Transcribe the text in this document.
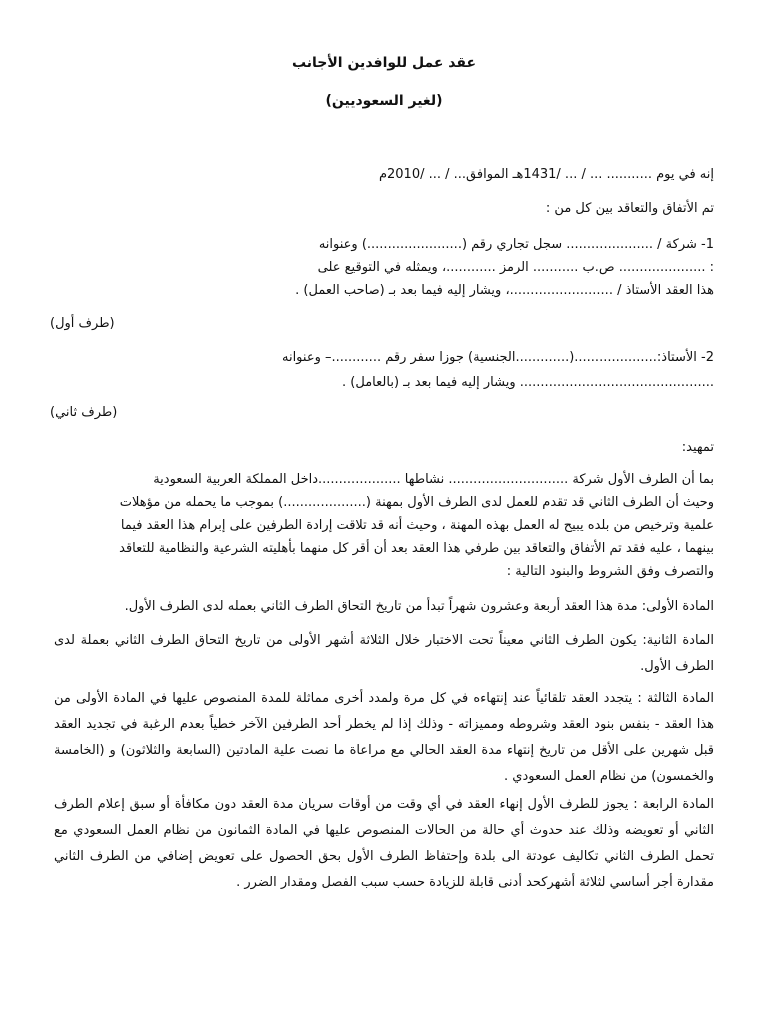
عقد عمل للوافدين الأجانب

(لغير السعوديين)

إنه في يوم ........... ... / ... /1431هـ الموافق... / ... /2010م

تم الأتفاق والتعاقد بين كل من :

1- شركة / ..................... سجل تجاري رقم (.......................) وعنوانه

: ..................... ص.ب ........... الرمز ............، ويمثله في التوقيع على

هذا العقد الأستاذ / .........................، ويشار إليه فيما بعد بـ (صاحب العمل) .

(طرف أول)

2- الأستاذ:....................(.............الجنسية) جوزا سفر رقم ............– وعنوانه

............................................... ويشار إليه فيما بعد بـ (بالعامل) .

(طرف ثاني)

تمهيد:

بما أن الطرف الأول شركة ............................. نشاطها ....................داخل المملكة العربية السعودية

وحيث أن الطرف الثاني قد تقدم للعمل لدى الطرف الأول بمهنة (....................) بموجب ما يحمله من مؤهلات

علمية وترخيص من بلده يبيح له العمل بهذه المهنة ، وحيث أنه قد تلاقت إرادة الطرفين على إبرام هذا العقد فيما

بينهما ، عليه فقد تم الأتفاق والتعاقد بين طرفي هذا العقد بعد أن أقر كل منهما بأهليته الشرعية والنظامية للتعاقد

والتصرف وفق الشروط والبنود التالية :

المادة الأولى: مدة هذا العقد أربعة وعشرون شهراً تبدأ من تاريخ التحاق الطرف الثاني بعمله لدى الطرف الأول.

المادة الثانية: يكون الطرف الثاني معيناً تحت الاختبار خلال الثلاثة أشهر الأولى من تاريخ التحاق الطرف الثاني بعملة لدى الطرف الأول.

المادة الثالثة : يتجدد العقد تلقائياً عند إنتهاءه في كل مرة ولمدد أخرى مماثلة للمدة المنصوص عليها في المادة الأولى من هذا العقد - بنفس بنود العقد وشروطه ومميزاته - وذلك إذا لم يخطر أحد الطرفين الآخر خطياً بعدم الرغبة في تجديد العقد قبل شهرين على الأقل من تاريخ إنتهاء مدة العقد الحالي مع مراعاة ما نصت علية المادتين (السابعة والثلاثون) و (الخامسة والخمسون) من نظام العمل السعودي .

المادة الرابعة : يجوز للطرف الأول إنهاء العقد في أي وقت من أوقات سريان مدة العقد دون مكافأة أو سبق إعلام الطرف الثاني أو تعويضه وذلك عند حدوث أي حالة من الحالات المنصوص عليها في المادة الثمانون من نظام العمل السعودي مع تحمل الطرف الثاني تكاليف عودتة الى بلدة وإحتفاظ الطرف الأول بحق الحصول على تعويض إضافي من الطرف الثاني مقدارة أجر أساسي لثلاثة أشهركحد أدنى قابلة للزيادة حسب سبب الفصل ومقدار الضرر .
